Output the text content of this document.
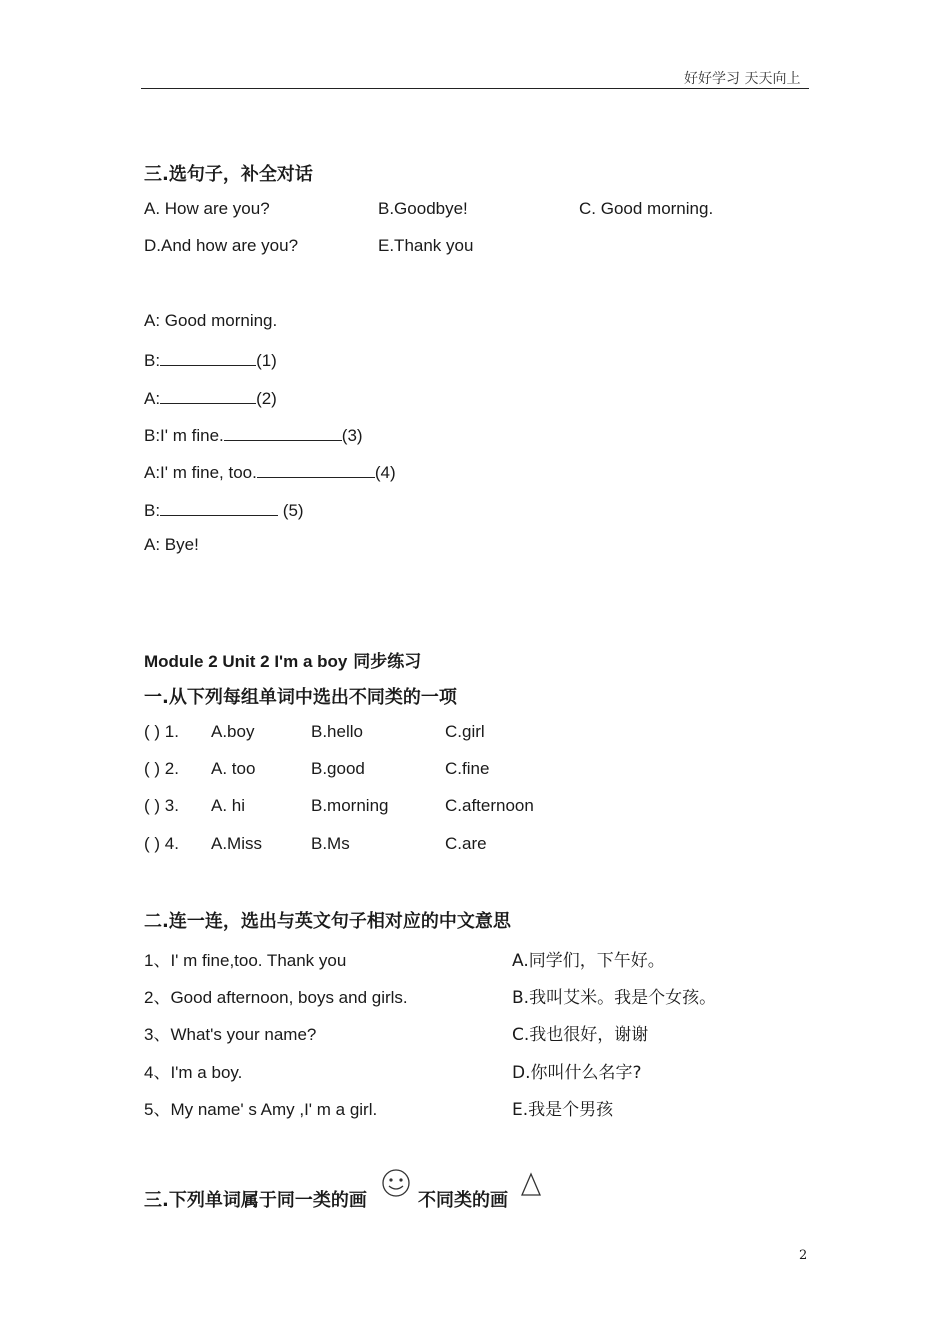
好好学习 天天向上
三.选句子，补全对话
A. How are you?	B.Goodbye!	C. Good morning.
D.And how are you?	E.Thank you
A: Good morning.
B:	(1)
A:	(2)
B:I' m fine.	(3)
A:I' m fine, too.	(4)
B:	(5)
A: Bye!
Module 2 Unit 2 I'm a boy 同步练习
一.从下列每组单词中选出不同类的一项
( ) 1. A.boy	B.hello	C.girl
( ) 2. A. too	B.good	C.fine
( ) 3. A. hi	B.morning	C.afternoon
( ) 4. A.Miss	B.Ms	C.are
二.连一连，选出与英文句子相对应的中文意思
1、I' m fine,too. Thank you	A.同学们，下午好。
2、Good afternoon, boys and girls.	B.我叫艾米。我是个女孩。
3、What's your name?	C.我也很好，谢谢
4、I'm a boy.	D.你叫什么名字?
5、My name' s Amy ,I' m a girl.	E.我是个男孩
三.下列单词属于同一类的画	不同类的画
2
